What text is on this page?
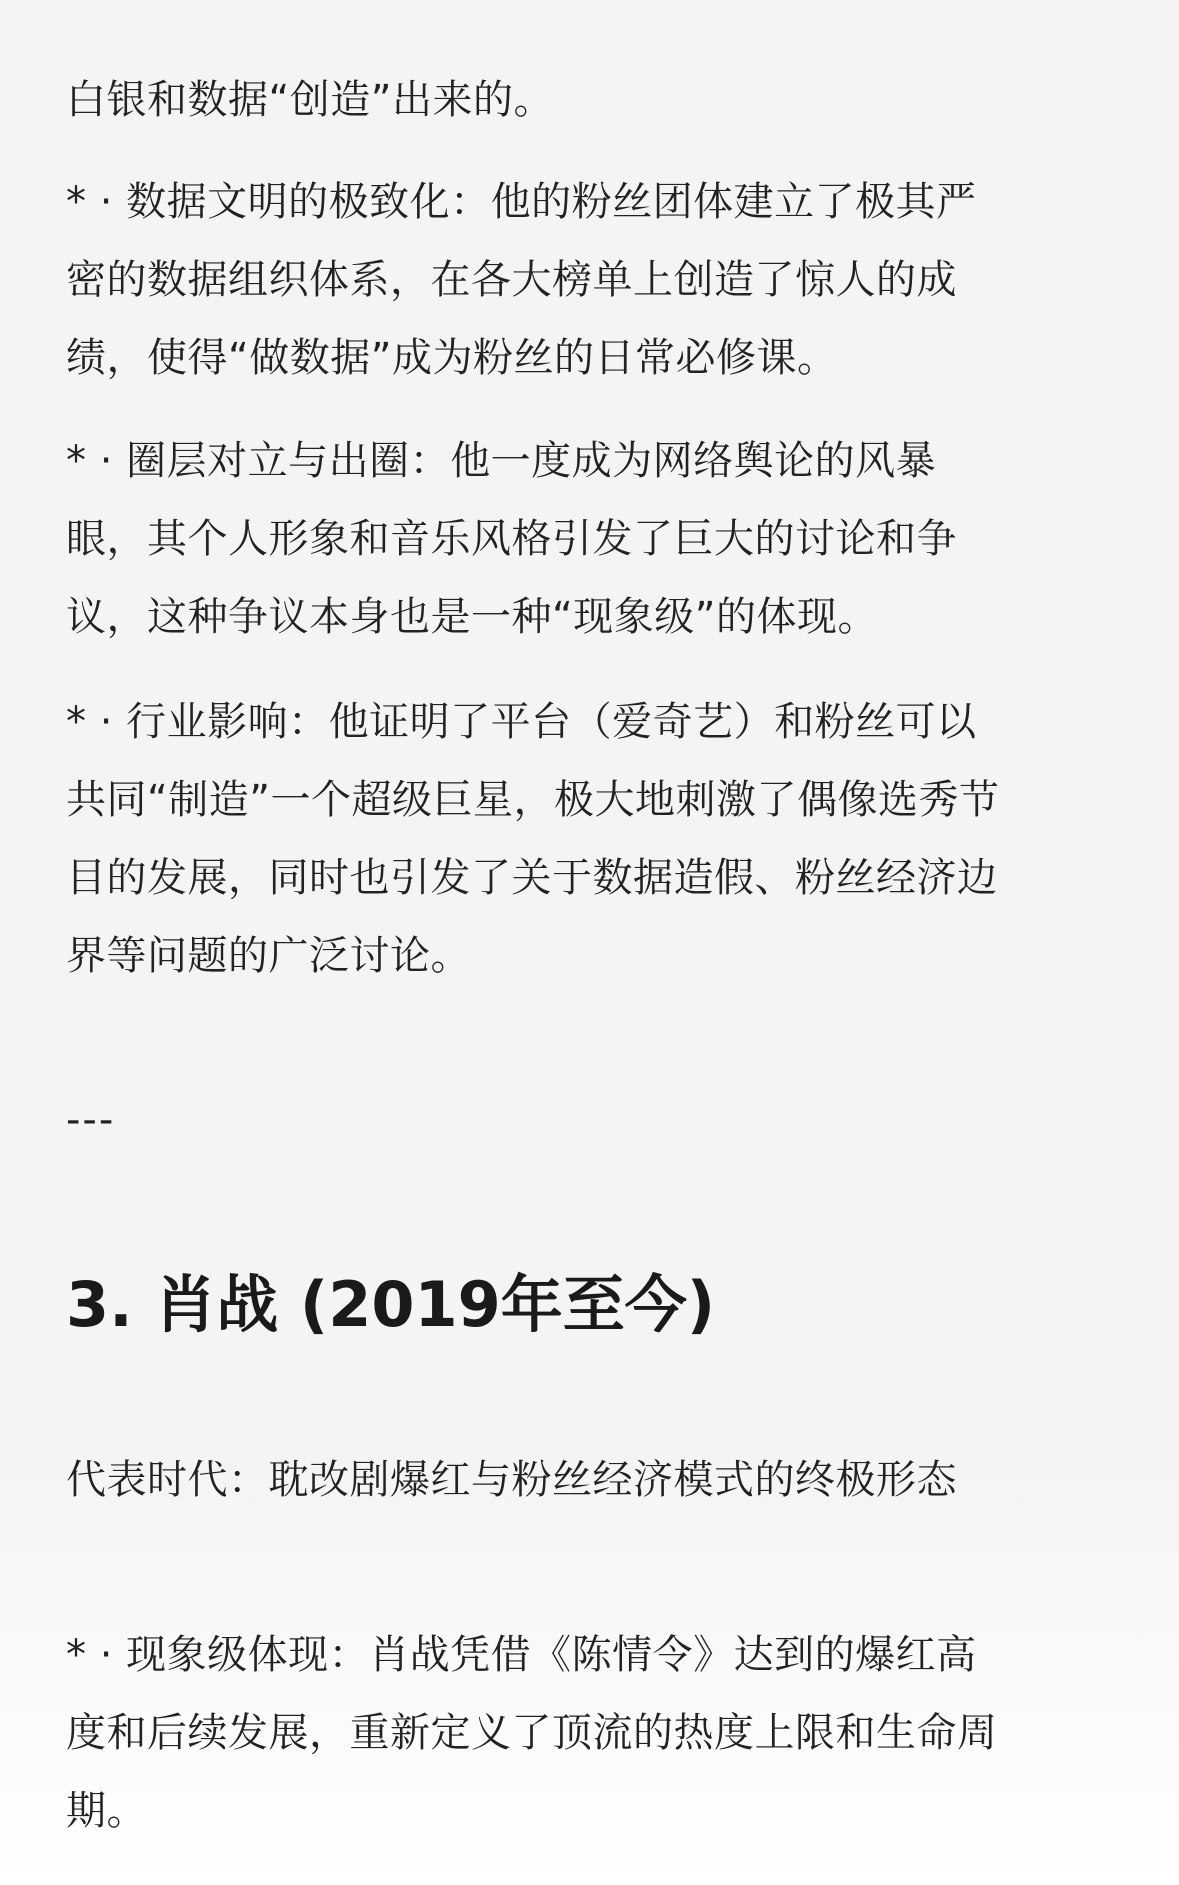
白银和数据“创造”出来的。
* · 数据文明的极致化：他的粉丝团体建立了极其严
密的数据组织体系，在各大榜单上创造了惊人的成
绩，使得“做数据”成为粉丝的日常必修课。
* · 圈层对立与出圈：他一度成为网络舆论的风暴
眼，其个人形象和音乐风格引发了巨大的讨论和争
议，这种争议本身也是一种“现象级”的体现。
* · 行业影响：他证明了平台（爱奇艺）和粉丝可以
共同“制造”一个超级巨星，极大地刺激了偶像选秀节
目的发展，同时也引发了关于数据造假、粉丝经济边
界等问题的广泛讨论。
---
3. 肖战 (2019年至今)
代表时代：耽改剧爆红与粉丝经济模式的终极形态
* · 现象级体现：肖战凭借《陈情令》达到的爆红高
度和后续发展，重新定义了顶流的热度上限和生命周
期。
